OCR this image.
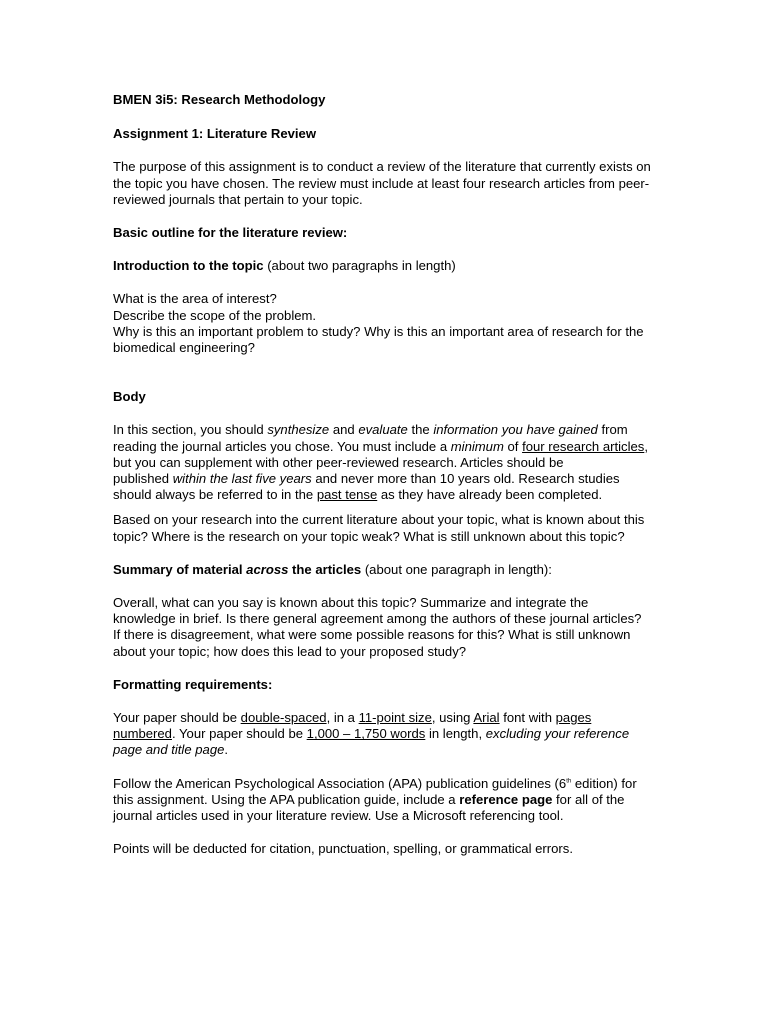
BMEN 3i5: Research Methodology

Assignment 1: Literature Review

The purpose of this assignment is to conduct a review of the literature that currently exists on
the topic you have chosen. The review must include at least four research articles from peer-
reviewed journals that pertain to your topic.

Basic outline for the literature review:

Introduction to the topic (about two paragraphs in length)

What is the area of interest?
Describe the scope of the problem.
Why is this an important problem to study? Why is this an important area of research for the
biomedical engineering?

Body

In this section, you should synthesize and evaluate the information you have gained from
reading the journal articles you chose. You must include a minimum of four research articles,
but you can supplement with other peer-reviewed research. Articles should be
published within the last five years and never more than 10 years old. Research studies
should always be referred to in the past tense as they have already been completed.

Based on your research into the current literature about your topic, what is known about this
topic? Where is the research on your topic weak? What is still unknown about this topic?

Summary of material across the articles (about one paragraph in length):

Overall, what can you say is known about this topic? Summarize and integrate the
knowledge in brief. Is there general agreement among the authors of these journal articles?
If there is disagreement, what were some possible reasons for this? What is still unknown
about your topic; how does this lead to your proposed study?

Formatting requirements:

Your paper should be double-spaced, in a 11-point size, using Arial font with pages
numbered. Your paper should be 1,000 – 1,750 words in length, excluding your reference
page and title page.

Follow the American Psychological Association (APA) publication guidelines (6th edition) for
this assignment. Using the APA publication guide, include a reference page for all of the
journal articles used in your literature review. Use a Microsoft referencing tool.

Points will be deducted for citation, punctuation, spelling, or grammatical errors.
